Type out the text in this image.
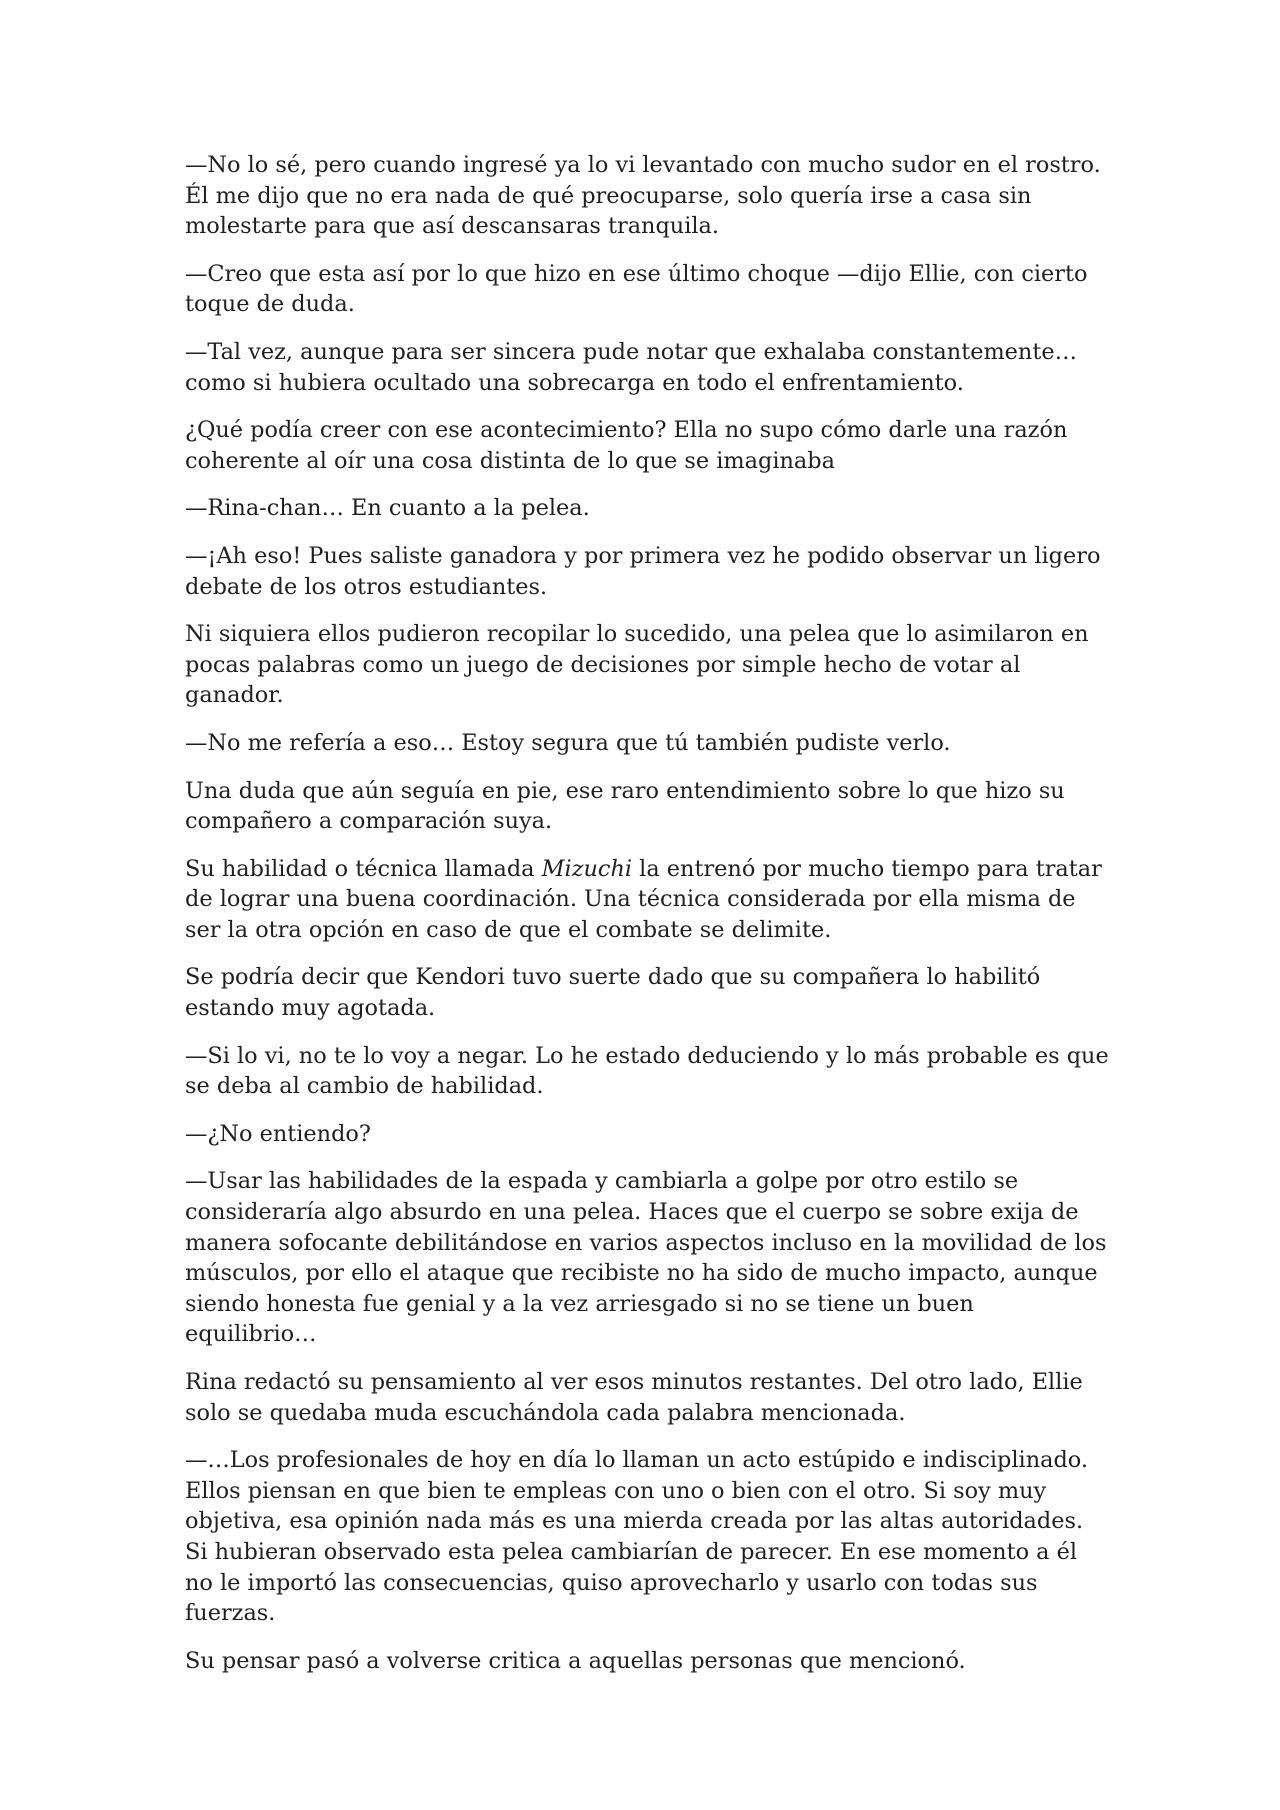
—No lo sé, pero cuando ingresé ya lo vi levantado con mucho sudor en el rostro. Él me dijo que no era nada de qué preocuparse, solo quería irse a casa sin molestarte para que así descansaras tranquila.

—Creo que esta así por lo que hizo en ese último choque —dijo Ellie, con cierto toque de duda.

—Tal vez, aunque para ser sincera pude notar que exhalaba constantemente… como si hubiera ocultado una sobrecarga en todo el enfrentamiento.

¿Qué podía creer con ese acontecimiento? Ella no supo cómo darle una razón coherente al oír una cosa distinta de lo que se imaginaba

—Rina-chan… En cuanto a la pelea.

—¡Ah eso! Pues saliste ganadora y por primera vez he podido observar un ligero debate de los otros estudiantes.

Ni siquiera ellos pudieron recopilar lo sucedido, una pelea que lo asimilaron en pocas palabras como un juego de decisiones por simple hecho de votar al ganador.

—No me refería a eso… Estoy segura que tú también pudiste verlo.

Una duda que aún seguía en pie, ese raro entendimiento sobre lo que hizo su compañero a comparación suya.

Su habilidad o técnica llamada Mizuchi la entrenó por mucho tiempo para tratar de lograr una buena coordinación. Una técnica considerada por ella misma de ser la otra opción en caso de que el combate se delimite.

Se podría decir que Kendori tuvo suerte dado que su compañera lo habilitó estando muy agotada.

—Si lo vi, no te lo voy a negar. Lo he estado deduciendo y lo más probable es que se deba al cambio de habilidad.

—¿No entiendo?

—Usar las habilidades de la espada y cambiarla a golpe por otro estilo se consideraría algo absurdo en una pelea. Haces que el cuerpo se sobre exija de manera sofocante debilitándose en varios aspectos incluso en la movilidad de los músculos, por ello el ataque que recibiste no ha sido de mucho impacto, aunque siendo honesta fue genial y a la vez arriesgado si no se tiene un buen equilibrio…

Rina redactó su pensamiento al ver esos minutos restantes. Del otro lado, Ellie solo se quedaba muda escuchándola cada palabra mencionada.

—…Los profesionales de hoy en día lo llaman un acto estúpido e indisciplinado. Ellos piensan en que bien te empleas con uno o bien con el otro. Si soy muy objetiva, esa opinión nada más es una mierda creada por las altas autoridades. Si hubieran observado esta pelea cambiarían de parecer. En ese momento a él no le importó las consecuencias, quiso aprovecharlo y usarlo con todas sus fuerzas.

Su pensar pasó a volverse critica a aquellas personas que mencionó.
